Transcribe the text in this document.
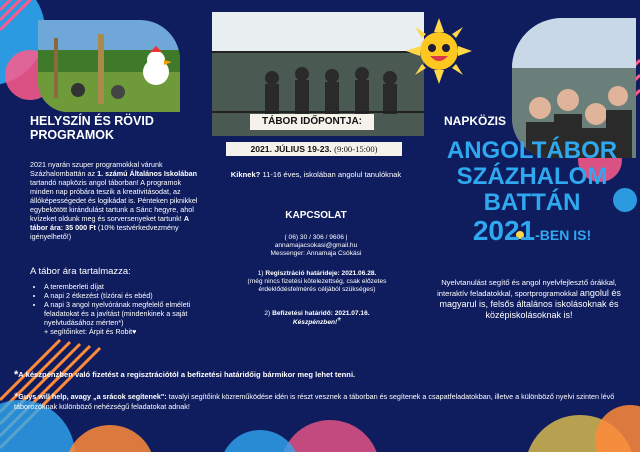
HELYSZÍN ÉS RÖVID
PROGRAMOK
2021 nyarán szuper programokkal várunk Százhalombattán az 1. számú Általános Iskolában tartandó napközis angol táborban! A programok minden nap próbára teszik a kreativitásodat, az állóképességedet és logikádat is. Pénteken piknikkel egybekötött kirándulást tartunk a Sánc hegyre, ahol kvízeket oldunk meg és sorversenyeket tartunk! A tábor ára: 35 000 Ft (10% testvérkedvezmény igényelhető!)
A tábor ára tartalmazza:
• A teremberleti díjat
• A napi 2 étkezést (tízórai és ebéd)
• A napi 3 angol nyelvórának megfelelő elméleti feladatokat és a javítást (mindenkinek a saját nyelvtudásához mérten*)
+ segítőinket: Árpit és Robit♥
TÁBOR IDŐPONTJA:
2021. JÚLIUS 19-23. (9:00-15:00)
Kiknek? 11-16 éves, iskolában angolul tanulóknak
KAPCSOLAT
( 06) 30 / 306 / 9606 |
annamajacsokasi@gmail.hu
Messenger: Annamaja Csókási
1) Regisztráció határideje: 2021.06.28.
(még nincs fizetési kötelezettség, csak előzetes érdeklődésfelmérés céljából szükséges)
2) Befizetési határidő: 2021.07.16.
Készpénzben!*
NAPKÖZIS
ANGOLTÁBOR
SZÁZHALOM
BATTÁN
2021-BEN IS!
Nyelvtanulást segítő és angol nyelvfejlesztő órákkal, interaktív feladatokkal, sportprogramokkal angolul és magyarul is, felsős általános iskolásoknak és középiskolásoknak is!
*A készpénzben való fizetést a regisztrációtól a befizetési határidőig bármikor meg lehet tenni.
*Guys will help, avagy „a srácok segítenek": tavalyi segítőink közreműködése idén is részt vesznek a táborban és segítenek a csapatfeladatokban, illetve a különböző nyelvi szinten lévő táborozóknak különböző nehézségű feladatokat adnak!
